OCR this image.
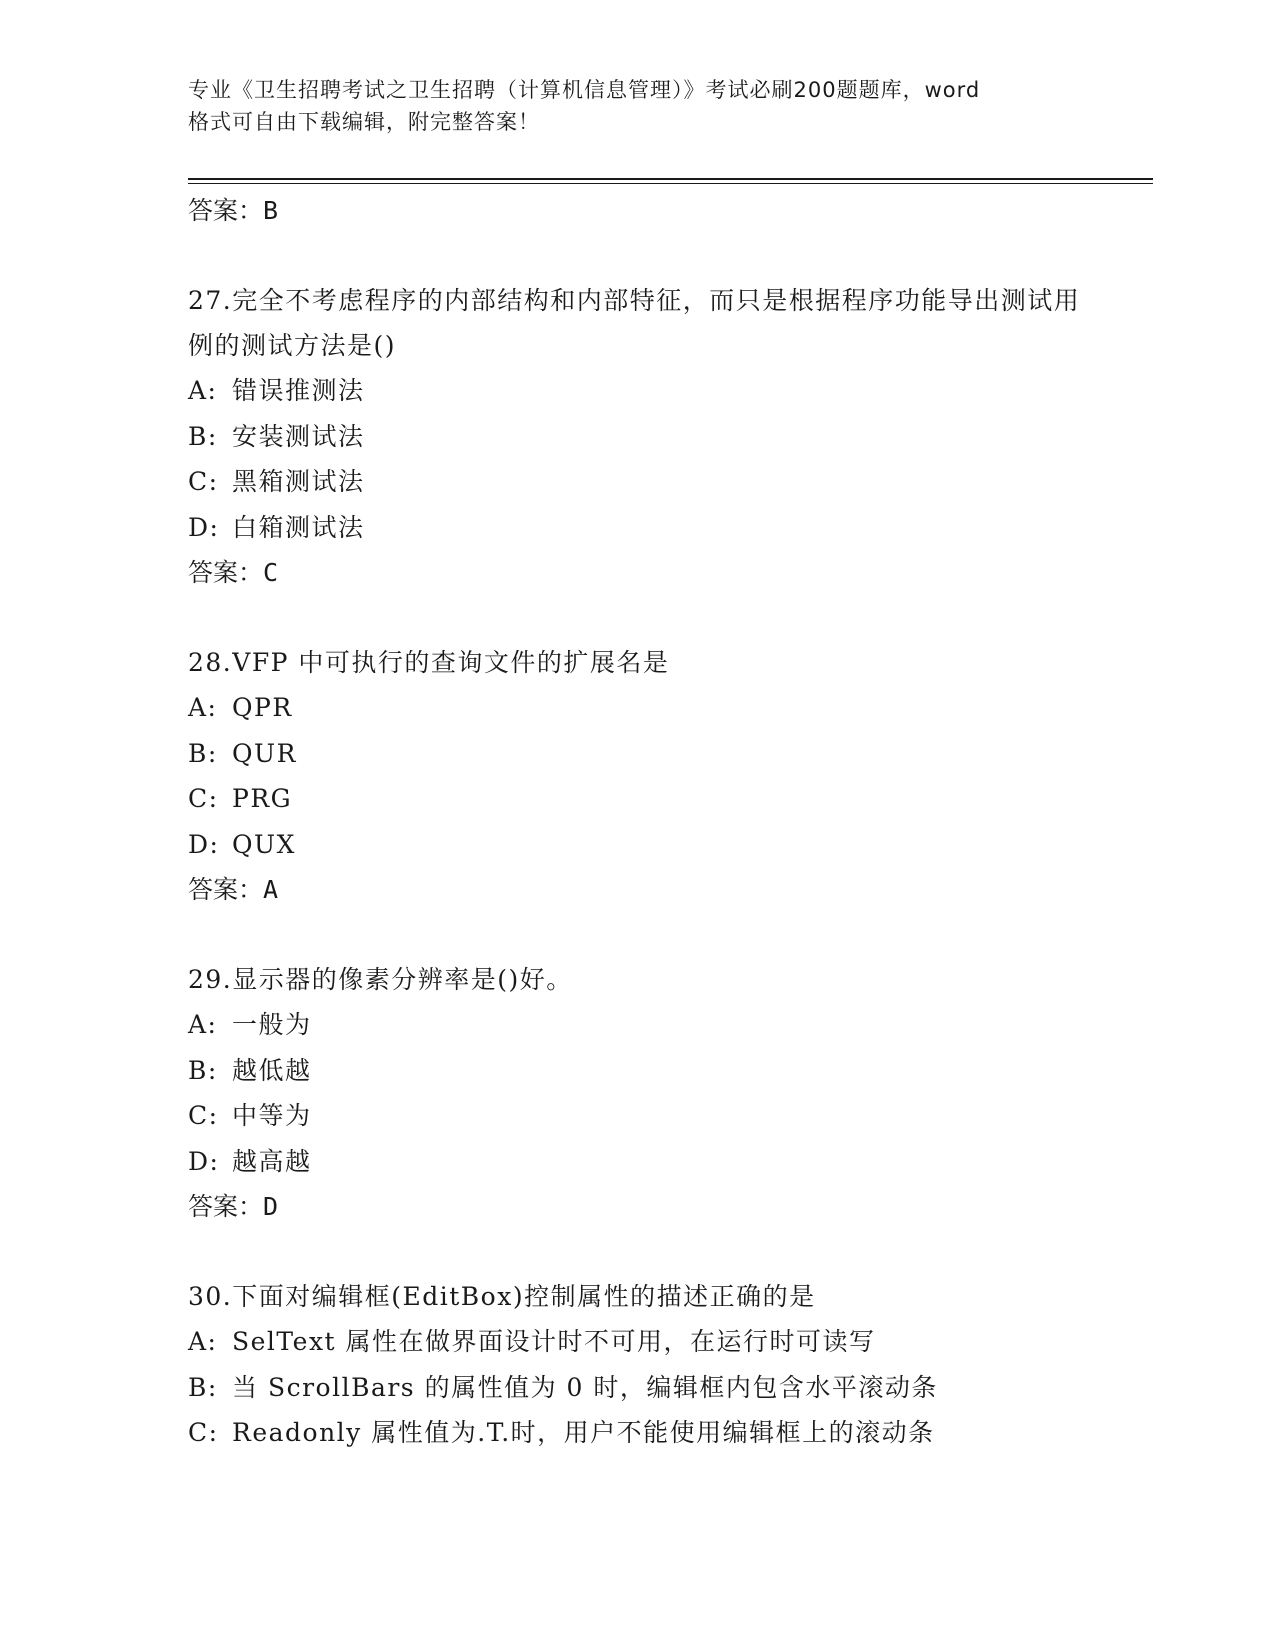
专业《卫生招聘考试之卫生招聘（计算机信息管理）》考试必刷200题题库，word
格式可自由下载编辑，附完整答案！
答案：B

27.完全不考虑程序的内部结构和内部特征，而只是根据程序功能导出测试用例的测试方法是()

A: 错误推测法
B: 安装测试法
C: 黑箱测试法
D: 白箱测试法
答案：C

28.VFP 中可执行的查询文件的扩展名是

A: QPR
B: QUR
C: PRG
D: QUX
答案：A

29.显示器的像素分辨率是()好。

A: 一般为
B: 越低越
C: 中等为
D: 越高越
答案：D

30.下面对编辑框(EditBox)控制属性的描述正确的是

A: SelText 属性在做界面设计时不可用，在运行时可读写
B: 当 ScrollBars 的属性值为 0 时，编辑框内包含水平滚动条
C: Readonly 属性值为.T.时，用户不能使用编辑框上的滚动条
